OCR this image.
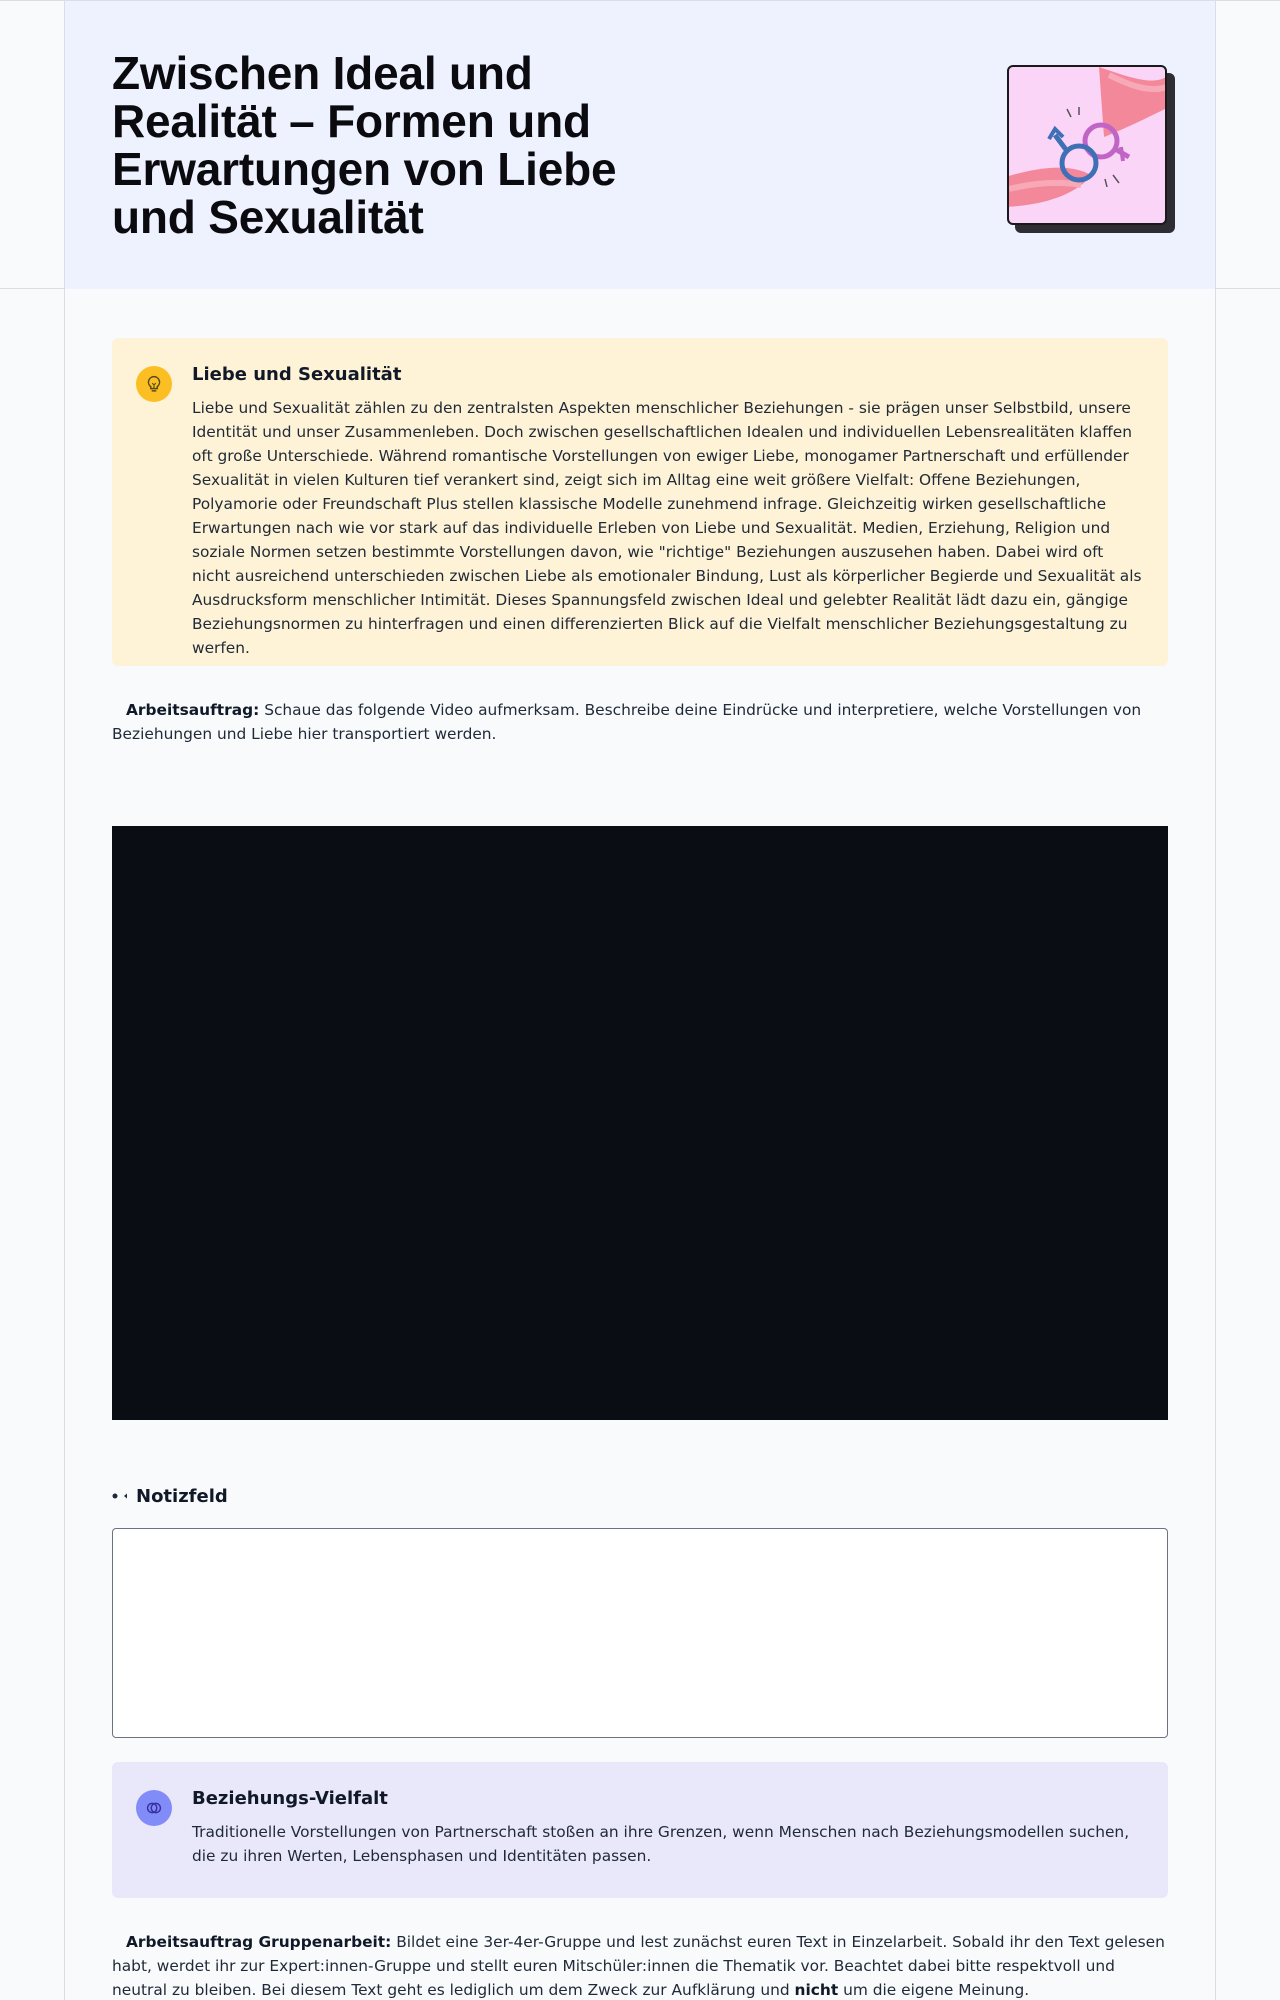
Zwischen Ideal und Realität – Formen und Erwartungen von Liebe und Sexualität
Liebe und Sexualität

Liebe und Sexualität zählen zu den zentralsten Aspekten menschlicher Beziehungen - sie prägen unser Selbstbild, unsere Identität und unser Zusammenleben. Doch zwischen gesellschaftlichen Idealen und individuellen Lebensrealitäten klaffen oft große Unterschiede. Während romantische Vorstellungen von ewiger Liebe, monogamer Partnerschaft und erfüllender Sexualität in vielen Kulturen tief verankert sind, zeigt sich im Alltag eine weit größere Vielfalt: Offene Beziehungen, Polyamorie oder Freundschaft Plus stellen klassische Modelle zunehmend infrage. Gleichzeitig wirken gesellschaftliche Erwartungen nach wie vor stark auf das individuelle Erleben von Liebe und Sexualität. Medien, Erziehung, Religion und soziale Normen setzen bestimmte Vorstellungen davon, wie "richtige" Beziehungen auszusehen haben. Dabei wird oft nicht ausreichend unterschieden zwischen Liebe als emotionaler Bindung, Lust als körperlicher Begierde und Sexualität als Ausdrucksform menschlicher Intimität. Dieses Spannungsfeld zwischen Ideal und gelebter Realität lädt dazu ein, gängige Beziehungsnormen zu hinterfragen und einen differenzierten Blick auf die Vielfalt menschlicher Beziehungsgestaltung zu werfen.

Arbeitsauftrag: Schaue das folgende Video aufmerksam. Beschreibe deine Eindrücke und interpretiere, welche Vorstellungen von Beziehungen und Liebe hier transportiert werden.

Notizfeld
Beziehungs-Vielfalt

Traditionelle Vorstellungen von Partnerschaft stoßen an ihre Grenzen, wenn Menschen nach Beziehungsmodellen suchen, die zu ihren Werten, Lebensphasen und Identitäten passen.

Arbeitsauftrag Gruppenarbeit: Bildet eine 3er-4er-Gruppe und lest zunächst euren Text in Einzelarbeit. Sobald ihr den Text gelesen habt, werdet ihr zur Expert:innen-Gruppe und stellt euren Mitschüler:innen die Thematik vor. Beachtet dabei bitte respektvoll und neutral zu bleiben. Bei diesem Text geht es lediglich um dem Zweck zur Aufklärung und nicht um die eigene Meinung.
